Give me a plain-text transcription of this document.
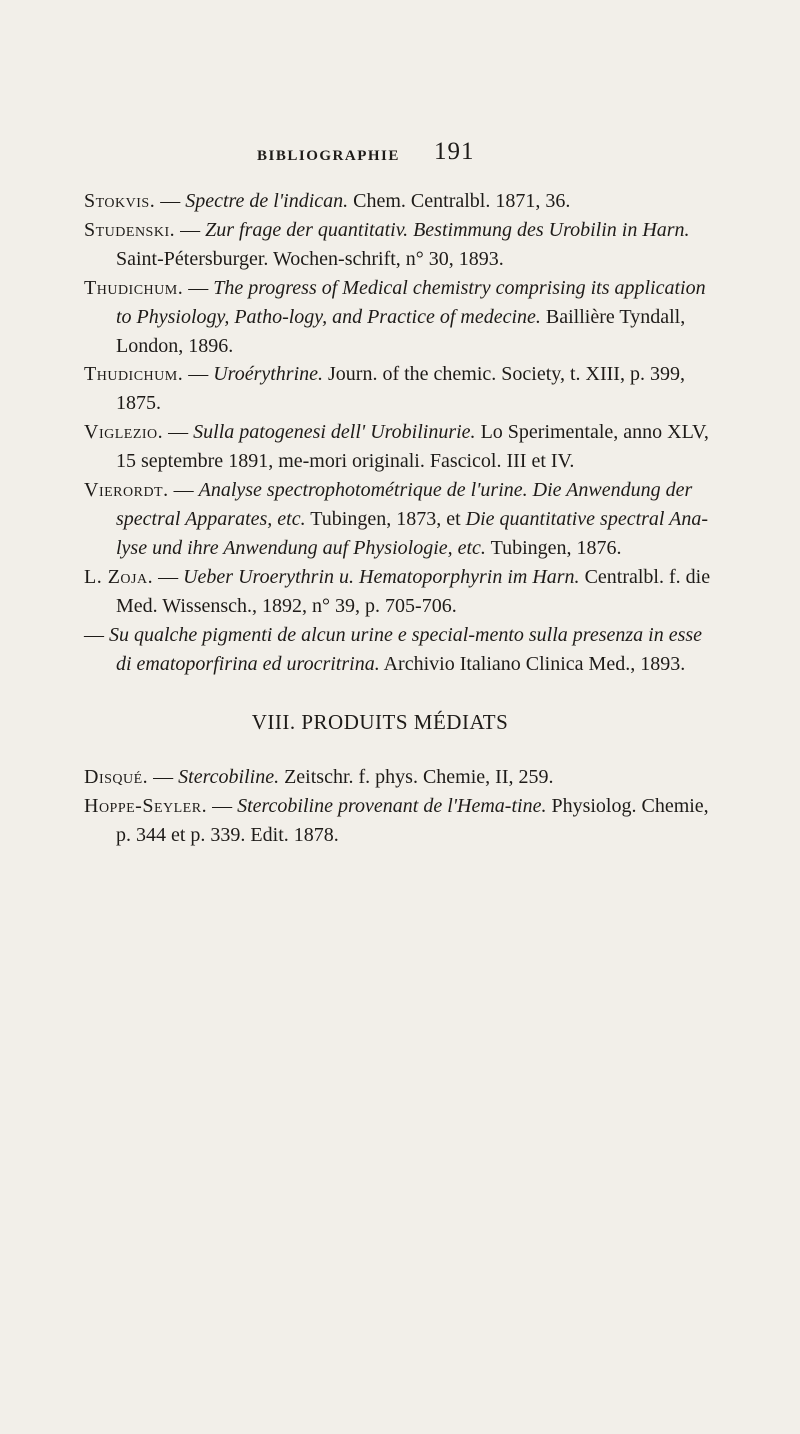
BIBLIOGRAPHIE 191

Stokvis. — Spectre de l'indican. Chem. Centralbl. 1871, 36.

Studenski. — Zur frage der quantitativ. Bestimmung des Urobilin in Harn. Saint-Pétersburger. Wochen-schrift, n° 30, 1893.

Thudichum. — The progress of Medical chemistry comprising its application to Physiology, Patho-logy, and Practice of medecine. Baillière Tyndall, London, 1896.

Thudichum. — Uroérythrine. Journ. of the chemic. Society, t. XIII, p. 399, 1875.

Viglezio. — Sulla patogenesi dell' Urobilinurie. Lo Sperimentale, anno XLV, 15 septembre 1891, me-mori originali. Fascicol. III et IV.

Vierordt. — Analyse spectrophotométrique de l'urine. Die Anwendung der spectral Apparates, etc. Tubingen, 1873, et Die quantitative spectral Ana-lyse und ihre Anwendung auf Physiologie, etc. Tubingen, 1876.

L. Zoja. — Ueber Uroerythrin u. Hematoporphyrin im Harn. Centralbl. f. die Med. Wissensch., 1892, n° 39, p. 705-706.

— Su qualche pigmenti de alcun urine e special-mento sulla presenza in esse di ematoporfirina ed urocritrina. Archivio Italiano Clinica Med., 1893.

VIII. PRODUITS MÉDIATS

Disqué. — Stercobiline. Zeitschr. f. phys. Chemie, II, 259.

Hoppe-Seyler. — Stercobiline provenant de l'Hema-tine. Physiolog. Chemie, p. 344 et p. 339. Edit. 1878.
